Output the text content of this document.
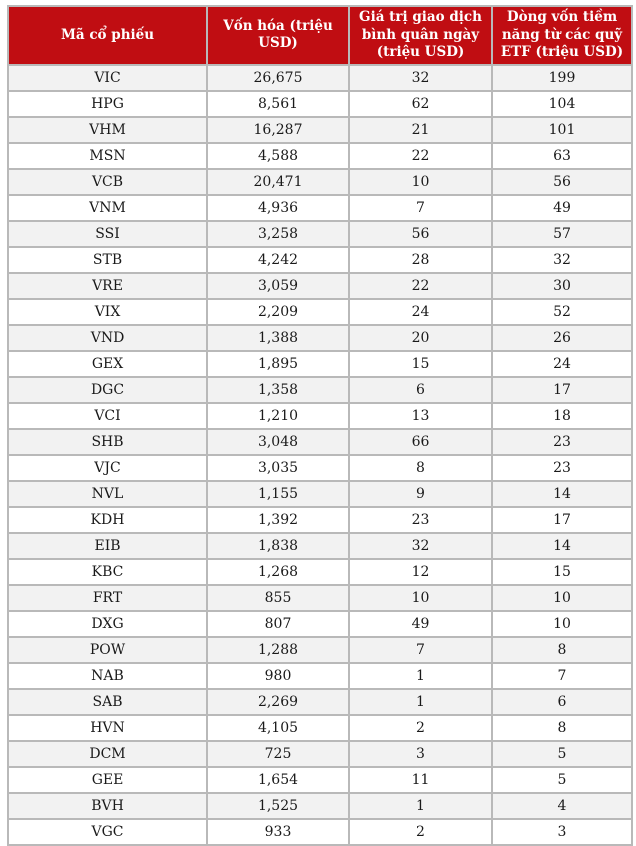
Mã cổ phiếu	Vốn hóa (triệu USD)	Giá trị giao dịch bình quân ngày (triệu USD)	Dòng vốn tiềm năng từ các quỹ ETF (triệu USD)
VIC	26,675	32	199
HPG	8,561	62	104
VHM	16,287	21	101
MSN	4,588	22	63
VCB	20,471	10	56
VNM	4,936	7	49
SSI	3,258	56	57
STB	4,242	28	32
VRE	3,059	22	30
VIX	2,209	24	52
VND	1,388	20	26
GEX	1,895	15	24
DGC	1,358	6	17
VCI	1,210	13	18
SHB	3,048	66	23
VJC	3,035	8	23
NVL	1,155	9	14
KDH	1,392	23	17
EIB	1,838	32	14
KBC	1,268	12	15
FRT	855	10	10
DXG	807	49	10
POW	1,288	7	8
NAB	980	1	7
SAB	2,269	1	6
HVN	4,105	2	8
DCM	725	3	5
GEE	1,654	11	5
BVH	1,525	1	4
VGC	933	2	3
